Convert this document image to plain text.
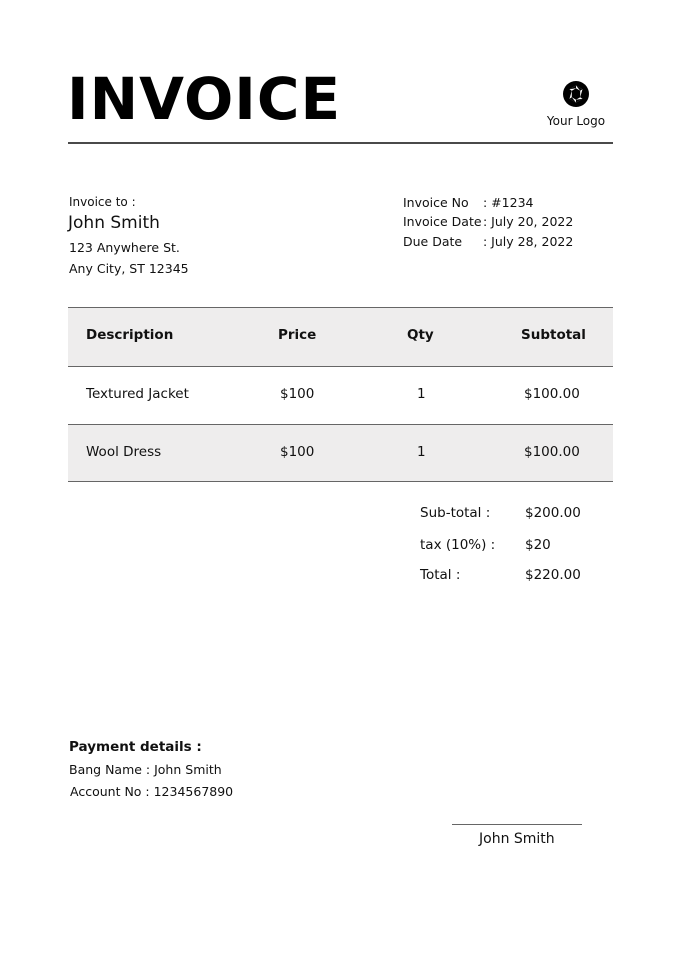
INVOICE	Your Logo
Invoice to :
John Smith
123 Anywhere St.
Any City, ST 12345
Invoice No : #1234
Invoice Date : July 20, 2022
Due Date : July 28, 2022
Description	Price	Qty	Subtotal
Textured Jacket	$100	1	$100.00
Wool Dress	$100	1	$100.00
Sub-total :	$200.00
tax (10%) : $20
Total :	$220.00
Payment details :
Bang Name : John Smith
Account No : 1234567890
John Smith
